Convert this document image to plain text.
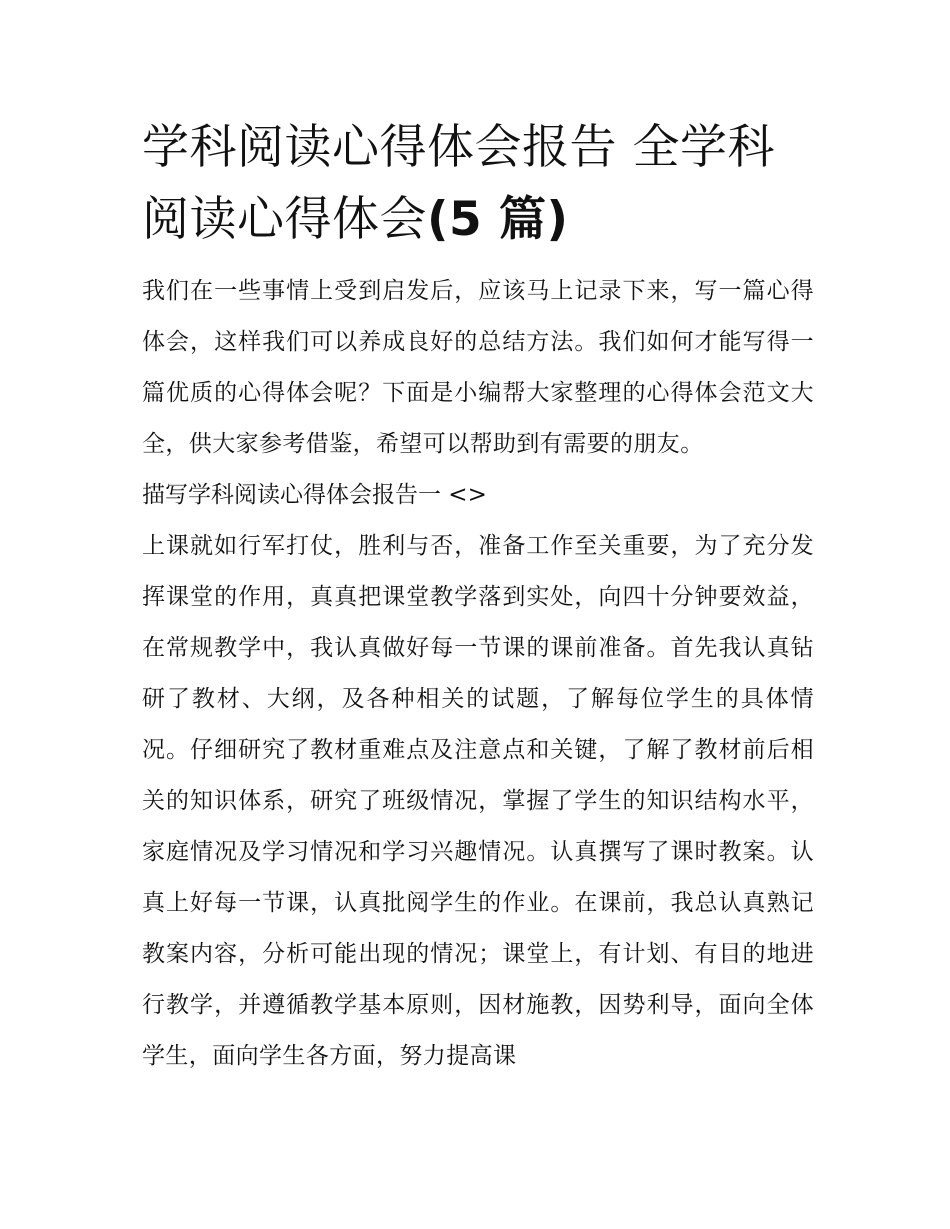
学科阅读心得体会报告 全学科阅读心得体会(5 篇)

我们在一些事情上受到启发后，应该马上记录下来，写一篇心得体会，这样我们可以养成良好的总结方法。我们如何才能写得一篇优质的心得体会呢？下面是小编帮大家整理的心得体会范文大全，供大家参考借鉴，希望可以帮助到有需要的朋友。

描写学科阅读心得体会报告一 <>

上课就如行军打仗，胜利与否，准备工作至关重要，为了充分发挥课堂的作用，真真把课堂教学落到实处，向四十分钟要效益，在常规教学中，我认真做好每一节课的课前准备。首先我认真钻研了教材、大纲，及各种相关的试题，了解每位学生的具体情况。仔细研究了教材重难点及注意点和关键，了解了教材前后相关的知识体系，研究了班级情况，掌握了学生的知识结构水平，家庭情况及学习情况和学习兴趣情况。认真撰写了课时教案。认真上好每一节课，认真批阅学生的作业。在课前，我总认真熟记教案内容，分析可能出现的情况；课堂上，有计划、有目的地进行教学，并遵循教学基本原则，因材施教，因势利导，面向全体学生，面向学生各方面，努力提高课
